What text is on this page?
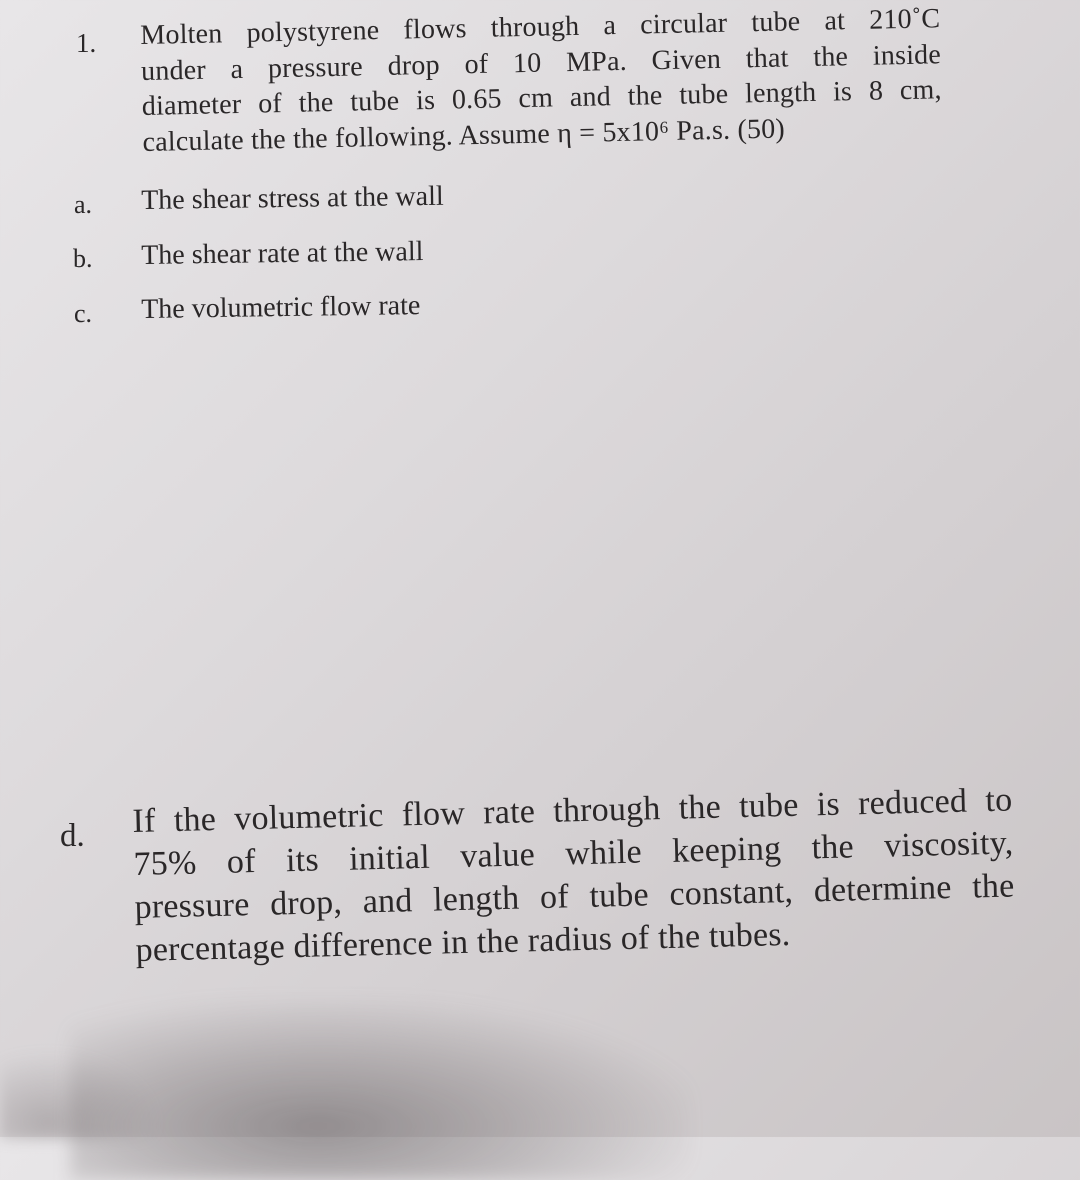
1. Molten polystyrene flows through a circular tube at 210˚C
under a pressure drop of 10 MPa. Given that the inside
diameter of the tube is 0.65 cm and the tube length is 8 cm,
calculate the the following. Assume η = 5x10⁶ Pa.s. (50)
a. The shear stress at the wall
b. The shear rate at the wall
c. The volumetric flow rate
d. If the volumetric flow rate through the tube is reduced to
75% of its initial value while keeping the viscosity,
pressure drop, and length of tube constant, determine the
percentage difference in the radius of the tubes.
